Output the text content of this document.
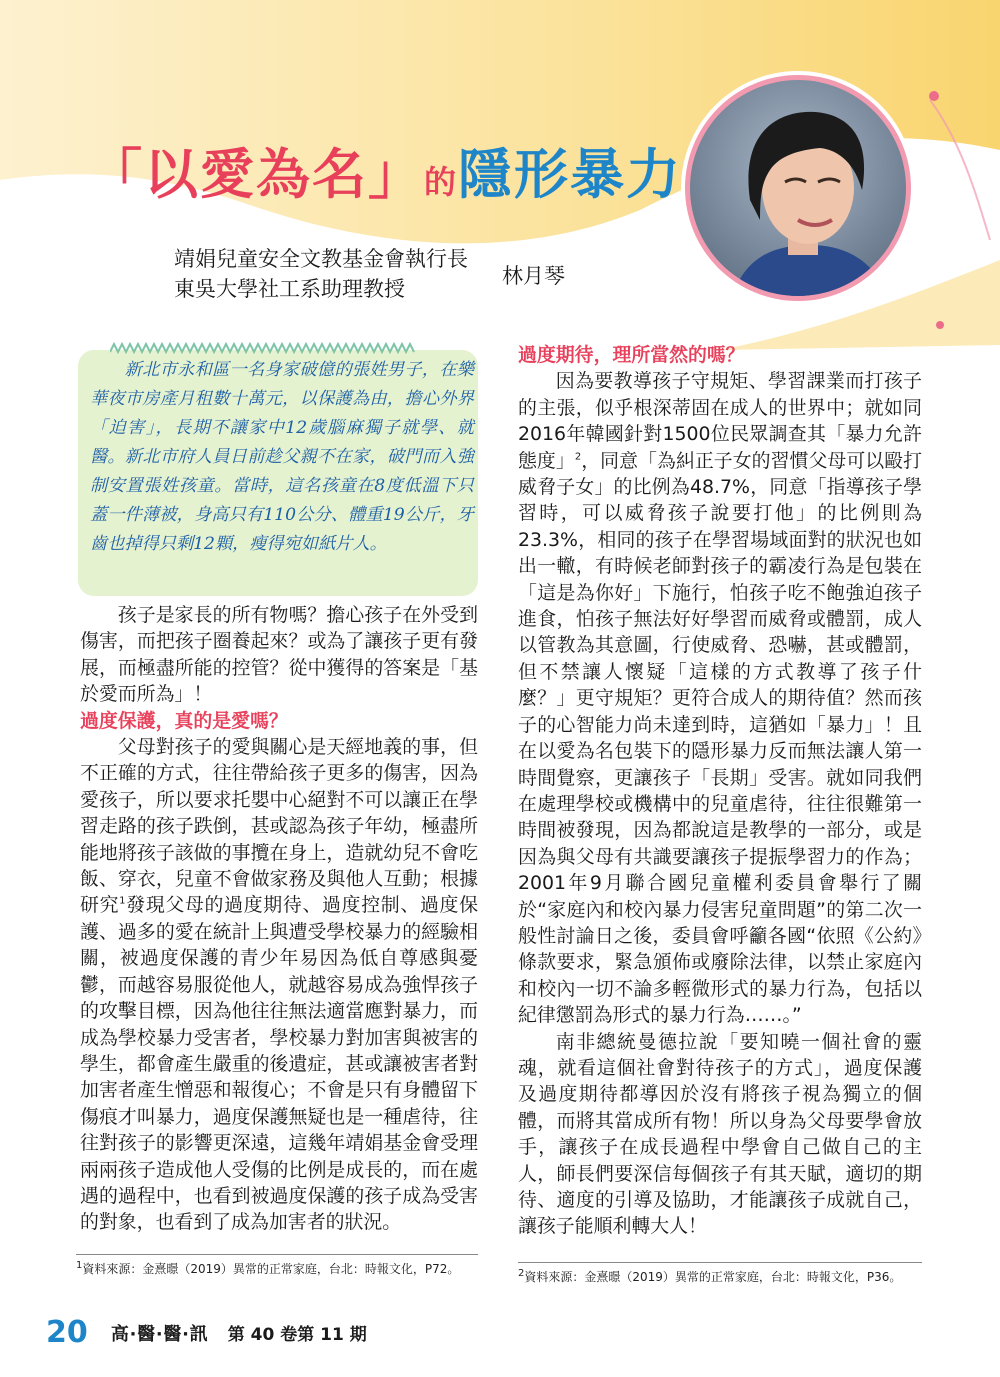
「以愛為名」的隱形暴力
靖娟兒童安全文教基金會執行長
東吳大學社工系助理教授
林月琴

新北市永和區一名身家破億的張姓男子，在樂華夜市房產月租數十萬元，以保護為由，擔心外界「迫害」，長期不讓家中12歲腦麻獨子就學、就醫。新北市府人員日前趁父親不在家，破門而入強制安置張姓孩童。當時，這名孩童在8度低溫下只蓋一件薄被，身高只有110公分、體重19公斤，牙齒也掉得只剩12顆，瘦得宛如紙片人。

孩子是家長的所有物嗎？擔心孩子在外受到傷害，而把孩子圈養起來？或為了讓孩子更有發展，而極盡所能的控管？從中獲得的答案是「基於愛而所為」！

過度保護，真的是愛嗎？

父母對孩子的愛與關心是天經地義的事，但不正確的方式，往往帶給孩子更多的傷害，因為愛孩子，所以要求托嬰中心絕對不可以讓正在學習走路的孩子跌倒，甚或認為孩子年幼，極盡所能地將孩子該做的事攬在身上，造就幼兒不會吃飯、穿衣，兒童不會做家務及與他人互動；根據研究$^1$發現父母的過度期待、過度控制、過度保護、過多的愛在統計上與遭受學校暴力的經驗相關，被過度保護的青少年易因為低自尊感與憂鬱，而越容易服從他人，就越容易成為強悍孩子的攻擊目標，因為他往往無法適當應對暴力，而成為學校暴力受害者，學校暴力對加害與被害的學生，都會產生嚴重的後遺症，甚或讓被害者對加害者產生憎惡和報復心；不會是只有身體留下傷痕才叫暴力，過度保護無疑也是一種虐待，往往對孩子的影響更深遠，這幾年靖娟基金會受理兩兩孩子造成他人受傷的比例是成長的，而在處遇的過程中，也看到被過度保護的孩子成為受害的對象，也看到了成為加害者的狀況。

過度期待，理所當然的嗎？

因為要教導孩子守規矩、學習課業而打孩子的主張，似乎根深蒂固在成人的世界中；就如同2016年韓國針對1500位民眾調查其「暴力允許態度」$^2$，同意「為糾正子女的習慣父母可以毆打威脅子女」的比例為48.7%，同意「指導孩子學習時，可以威脅孩子說要打他」的比例則為23.3%，相同的孩子在學習場域面對的狀況也如出一轍，有時候老師對孩子的霸凌行為是包裝在「這是為你好」下施行，怕孩子吃不飽強迫孩子進食，怕孩子無法好好學習而威脅或體罰，成人以管教為其意圖，行使威脅、恐嚇，甚或體罰，但不禁讓人懷疑「這樣的方式教導了孩子什麼？」更守規矩？更符合成人的期待值？然而孩子的心智能力尚未達到時，這猶如「暴力」！且在以愛為名包裝下的隱形暴力反而無法讓人第一時間覺察，更讓孩子「長期」受害。就如同我們在處理學校或機構中的兒童虐待，往往很難第一時間被發現，因為都說這是教學的一部分，或是因為與父母有共識要讓孩子提振學習力的作為；2001年9月聯合國兒童權利委員會舉行了關於“家庭內和校內暴力侵害兒童問題”的第二次一般性討論日之後，委員會呼籲各國“依照《公約》條款要求，緊急頒佈或廢除法律，以禁止家庭內和校內一切不論多輕微形式的暴力行為，包括以紀律懲罰為形式的暴力行為……。”

南非總統曼德拉說「要知曉一個社會的靈魂，就看這個社會對待孩子的方式」，過度保護及過度期待都導因於沒有將孩子視為獨立的個體，而將其當成所有物！所以身為父母要學會放手，讓孩子在成長過程中學會自己做自己的主人，師長們要深信每個孩子有其天賦，適切的期待、適度的引導及協助，才能讓孩子成就自己，讓孩子能順利轉大人！

$^1$資料來源：金熹暻（2019）異常的正常家庭，台北：時報文化，P72。	$^2$資料來源：金熹暻（2019）異常的正常家庭，台北：時報文化，P36。
20 高‧醫‧醫‧訊 第 40 卷第 11 期
